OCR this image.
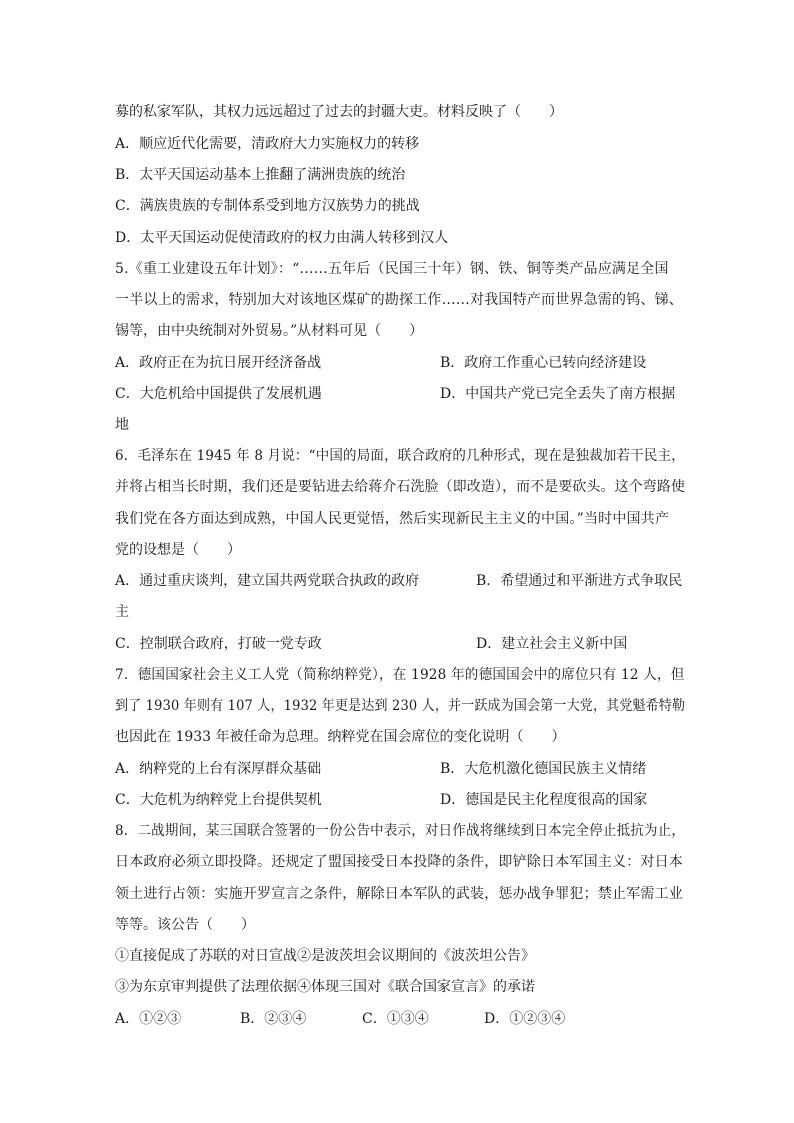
募的私家军队，其权力远远超过了过去的封疆大吏。材料反映了（　　）
A．顺应近代化需要，清政府大力实施权力的转移
B．太平天国运动基本上推翻了满洲贵族的统治
C．满族贵族的专制体系受到地方汉族势力的挑战
D．太平天国运动促使清政府的权力由满人转移到汉人
5.《重工业建设五年计划》：“……五年后（民国三十年）钢、铁、铜等类产品应满足全国
一半以上的需求，特别加大对该地区煤矿的勘探工作……对我国特产而世界急需的钨、锑、
锡等，由中央统制对外贸易。”从材料可见（　　）
A．政府正在为抗日展开经济备战	B．政府工作重心已转向经济建设
C．大危机给中国提供了发展机遇	D．中国共产党已完全丢失了南方根据
地
6．毛泽东在 1945 年 8 月说：“中国的局面，联合政府的几种形式，现在是独裁加若干民主，
并将占相当长时期，我们还是要钻进去给蒋介石洗脸（即改造），而不是要砍头。这个弯路使
我们党在各方面达到成熟，中国人民更觉悟，然后实现新民主主义的中国。”当时中国共产
党的设想是（　　）
A．通过重庆谈判，建立国共两党联合执政的政府	B．希望通过和平渐进方式争取民
主
C．控制联合政府，打破一党专政	D．建立社会主义新中国
7．德国国家社会主义工人党（简称纳粹党），在 1928 年的德国国会中的席位只有 12 人，但
到了 1930 年则有 107 人，1932 年更是达到 230 人，并一跃成为国会第一大党，其党魁希特勒
也因此在 1933 年被任命为总理。纳粹党在国会席位的变化说明（　　）
A．纳粹党的上台有深厚群众基础	B．大危机激化德国民族主义情绪
C．大危机为纳粹党上台提供契机	D．德国是民主化程度很高的国家
8．二战期间，某三国联合签署的一份公告中表示，对日作战将继续到日本完全停止抵抗为止，
日本政府必须立即投降。还规定了盟国接受日本投降的条件，即铲除日本军国主义：对日本
领土进行占领：实施开罗宣言之条件，解除日本军队的武装，惩办战争罪犯；禁止军需工业
等等。该公告（　　）
①直接促成了苏联的对日宣战②是波茨坦会议期间的《波茨坦公告》
③为东京审判提供了法理依据④体现三国对《联合国家宣言》的承诺
A．①②③	B．②③④	C．①③④	D．①②③④
